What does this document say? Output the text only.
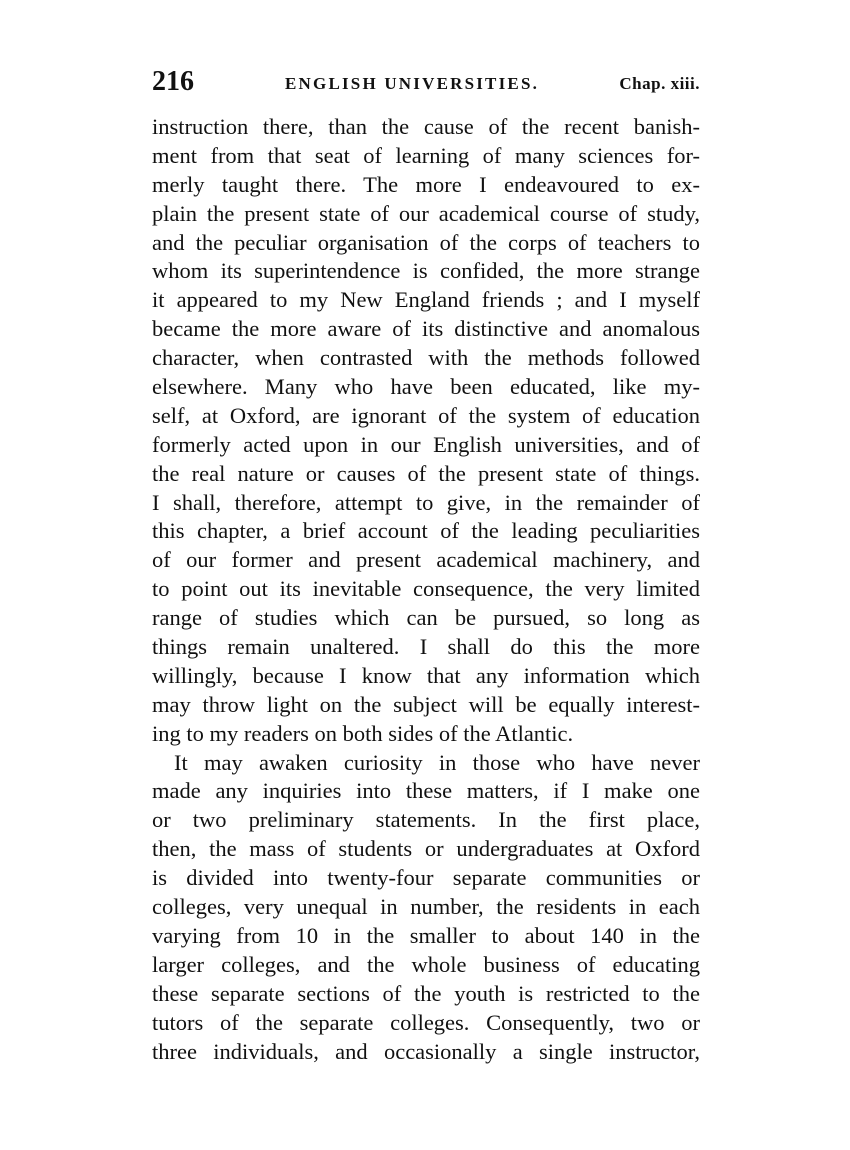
216	ENGLISH UNIVERSITIES.	Chap. xiii.
instruction there, than the cause of the recent banish-
ment from that seat of learning of many sciences for-
merly taught there. The more I endeavoured to ex-
plain the present state of our academical course of study,
and the peculiar organisation of the corps of teachers to
whom its superintendence is confided, the more strange
it appeared to my New England friends ; and I myself
became the more aware of its distinctive and anomalous
character, when contrasted with the methods followed
elsewhere. Many who have been educated, like my-
self, at Oxford, are ignorant of the system of education
formerly acted upon in our English universities, and of
the real nature or causes of the present state of things.
I shall, therefore, attempt to give, in the remainder of
this chapter, a brief account of the leading peculiarities
of our former and present academical machinery, and
to point out its inevitable consequence, the very limited
range of studies which can be pursued, so long as
things remain unaltered. I shall do this the more
willingly, because I know that any information which
may throw light on the subject will be equally interest-
ing to my readers on both sides of the Atlantic.
It may awaken curiosity in those who have never
made any inquiries into these matters, if I make one
or two preliminary statements. In the first place,
then, the mass of students or undergraduates at Oxford
is divided into twenty-four separate communities or
colleges, very unequal in number, the residents in each
varying from 10 in the smaller to about 140 in the
larger colleges, and the whole business of educating
these separate sections of the youth is restricted to the
tutors of the separate colleges. Consequently, two or
three individuals, and occasionally a single instructor,
